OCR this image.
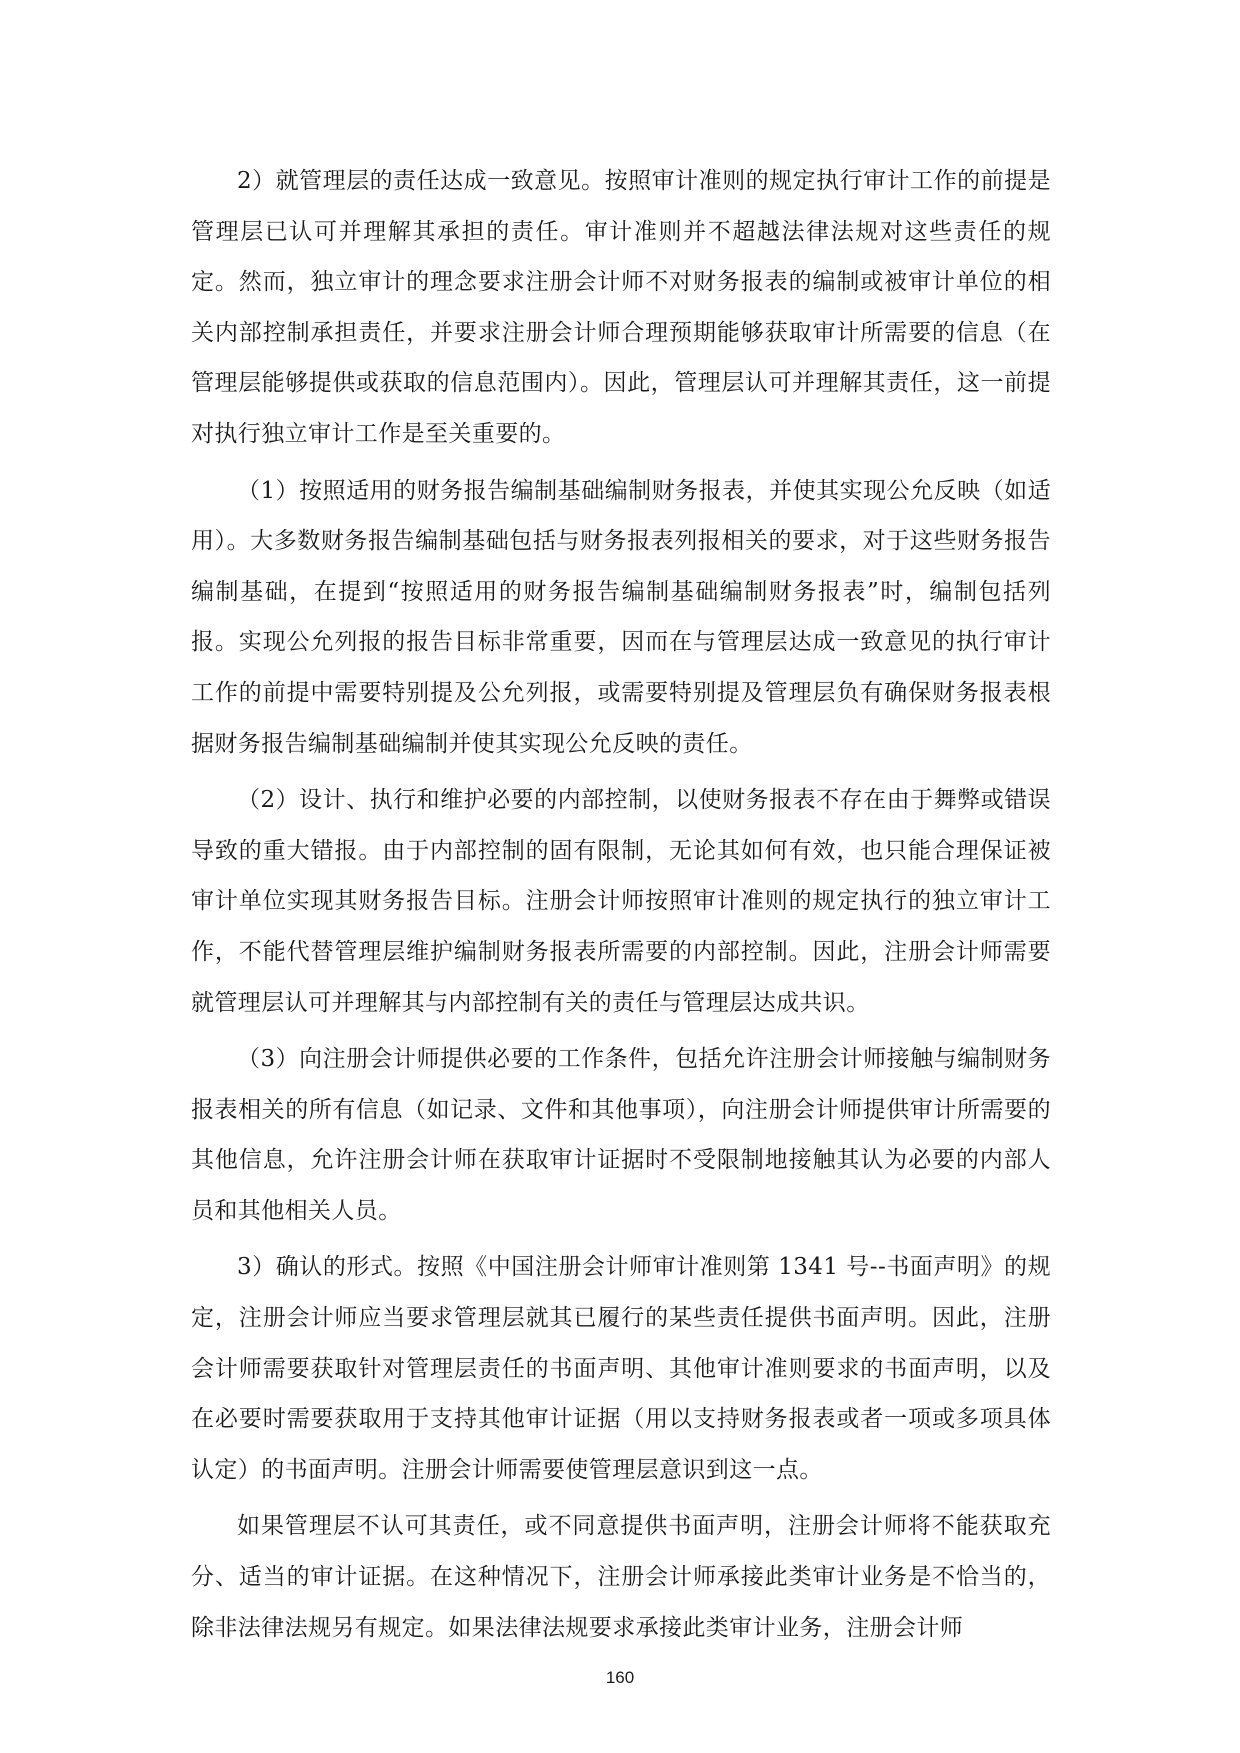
2）就管理层的责任达成一致意见。按照审计准则的规定执行审计工作的前提是管理层已认可并理解其承担的责任。审计准则并不超越法律法规对这些责任的规定。然而，独立审计的理念要求注册会计师不对财务报表的编制或被审计单位的相关内部控制承担责任，并要求注册会计师合理预期能够获取审计所需要的信息（在管理层能够提供或获取的信息范围内）。因此，管理层认可并理解其责任，这一前提对执行独立审计工作是至关重要的。

（1）按照适用的财务报告编制基础编制财务报表，并使其实现公允反映（如适用）。大多数财务报告编制基础包括与财务报表列报相关的要求，对于这些财务报告编制基础，在提到“按照适用的财务报告编制基础编制财务报表”时，编制包括列报。实现公允列报的报告目标非常重要，因而在与管理层达成一致意见的执行审计工作的前提中需要特别提及公允列报，或需要特别提及管理层负有确保财务报表根据财务报告编制基础编制并使其实现公允反映的责任。

（2）设计、执行和维护必要的内部控制，以使财务报表不存在由于舞弊或错误导致的重大错报。由于内部控制的固有限制，无论其如何有效，也只能合理保证被审计单位实现其财务报告目标。注册会计师按照审计准则的规定执行的独立审计工作，不能代替管理层维护编制财务报表所需要的内部控制。因此，注册会计师需要就管理层认可并理解其与内部控制有关的责任与管理层达成共识。

（3）向注册会计师提供必要的工作条件，包括允许注册会计师接触与编制财务报表相关的所有信息（如记录、文件和其他事项），向注册会计师提供审计所需要的其他信息，允许注册会计师在获取审计证据时不受限制地接触其认为必要的内部人员和其他相关人员。

3）确认的形式。按照《中国注册会计师审计准则第 1341 号--书面声明》的规定，注册会计师应当要求管理层就其已履行的某些责任提供书面声明。因此，注册会计师需要获取针对管理层责任的书面声明、其他审计准则要求的书面声明，以及在必要时需要获取用于支持其他审计证据（用以支持财务报表或者一项或多项具体认定）的书面声明。注册会计师需要使管理层意识到这一点。

如果管理层不认可其责任，或不同意提供书面声明，注册会计师将不能获取充分、适当的审计证据。在这种情况下，注册会计师承接此类审计业务是不恰当的，除非法律法规另有规定。如果法律法规要求承接此类审计业务，注册会计师

160
